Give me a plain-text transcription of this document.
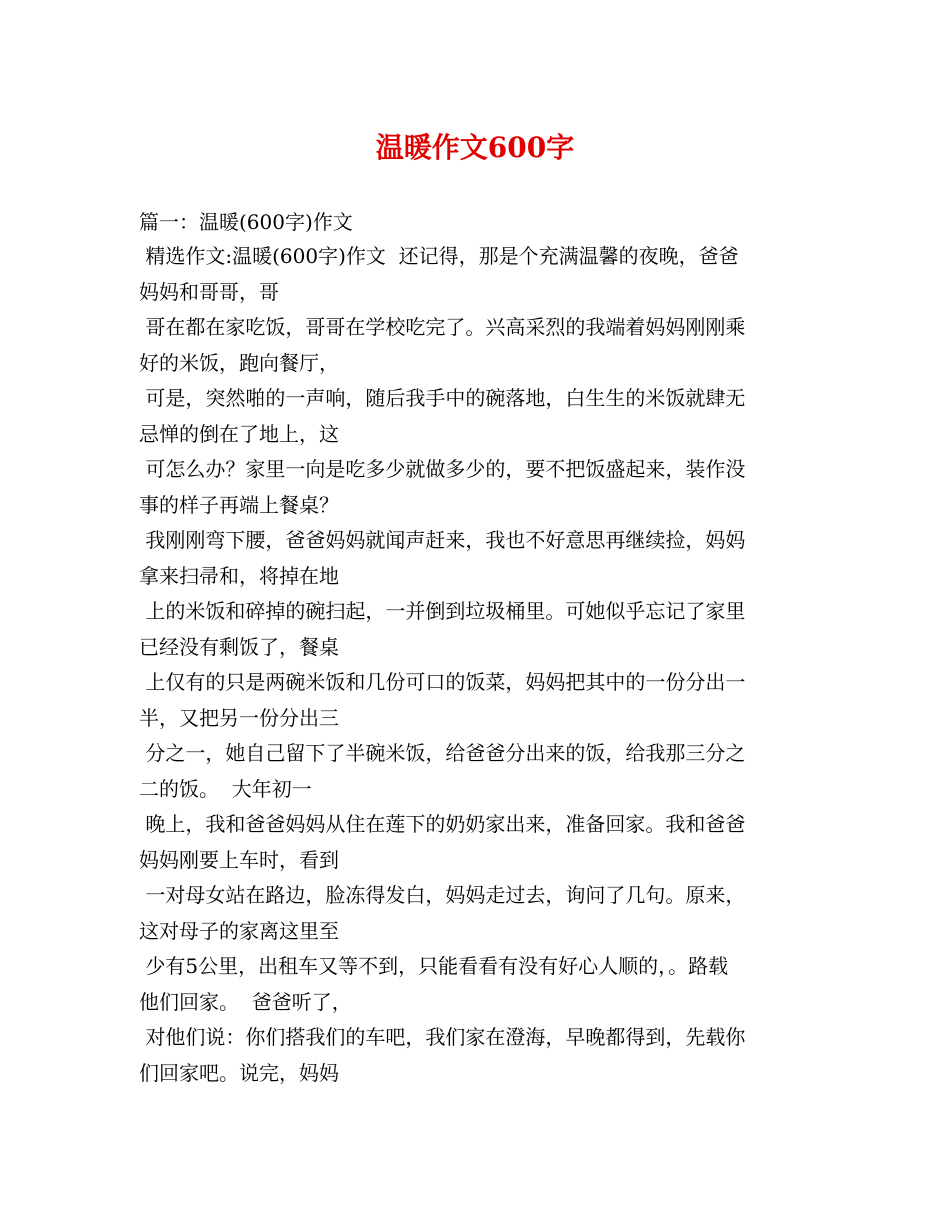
温暖作文600字
篇一：温暖(600字)作文
精选作文:温暖(600字)作文  还记得，那是个充满温馨的夜晚，爸爸
妈妈和哥哥，哥
哥在都在家吃饭，哥哥在学校吃完了。兴高采烈的我端着妈妈刚刚乘
好的米饭，跑向餐厅，
可是，突然啪的一声响，随后我手中的碗落地，白生生的米饭就肆无
忌惮的倒在了地上，这
可怎么办？家里一向是吃多少就做多少的，要不把饭盛起来，装作没
事的样子再端上餐桌？
我刚刚弯下腰，爸爸妈妈就闻声赶来，我也不好意思再继续捡，妈妈
拿来扫帚和，将掉在地
上的米饭和碎掉的碗扫起，一并倒到垃圾桶里。可她似乎忘记了家里
已经没有剩饭了，餐桌
上仅有的只是两碗米饭和几份可口的饭菜，妈妈把其中的一份分出一
半，又把另一份分出三
分之一，她自己留下了半碗米饭，给爸爸分出来的饭，给我那三分之
二的饭。  大年初一
晚上，我和爸爸妈妈从住在莲下的奶奶家出来，准备回家。我和爸爸
妈妈刚要上车时，看到
一对母女站在路边，脸冻得发白，妈妈走过去，询问了几句。原来，
这对母子的家离这里至
少有5公里，出租车又等不到，只能看看有没有好心人顺的，。路载
他们回家。  爸爸听了，
对他们说：你们搭我们的车吧，我们家在澄海，早晚都得到，先载你
们回家吧。说完，妈妈
